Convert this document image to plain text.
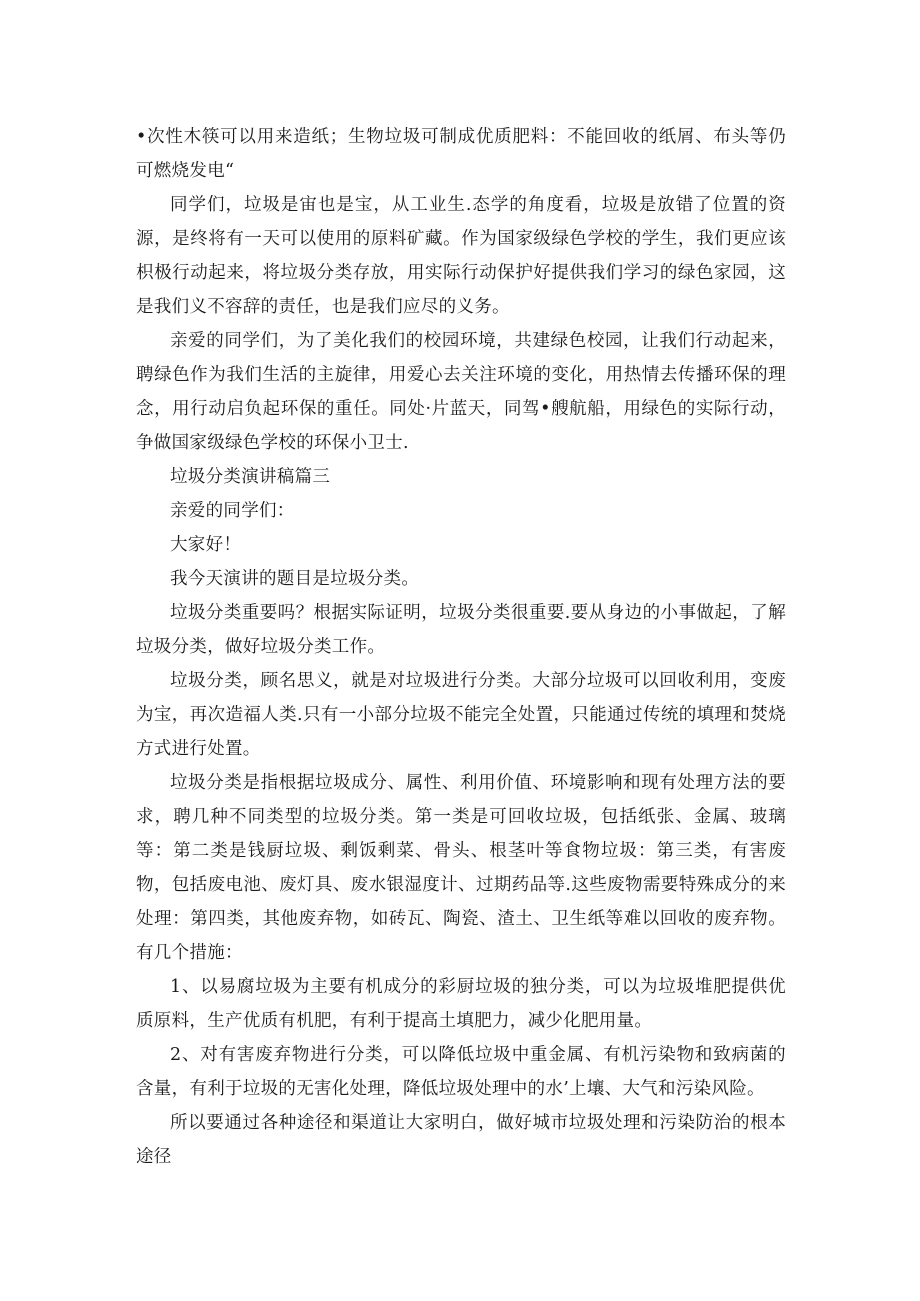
•次性木筷可以用来造纸；生物垃圾可制成优质肥料：不能回收的纸屑、布头等仍可燃烧发电“

同学们，垃圾是宙也是宝，从工业生.态学的角度看，垃圾是放错了位置的资源，是终将有一天可以使用的原料矿藏。作为国家级绿色学校的学生，我们更应该枳极行动起来，将垃圾分类存放，用实际行动保护好提供我们学习的绿色家园，这是我们义不容辞的责任，也是我们应尽的义务。

亲爱的同学们，为了美化我们的校园环境，共建绿色校园，让我们行动起来，聘绿色作为我们生活的主旋律，用爱心去关注环境的变化，用热情去传播环保的理念，用行动启负起环保的重任。同处·片蓝天，同驾•艘航船，用绿色的实际行动，争做国家级绿色学校的环保小卫士.

垃圾分类演讲稿篇三

亲爱的同学们：

大家好！

我今天演讲的题目是垃圾分类。

垃圾分类重要吗？根据实际证明，垃圾分类很重要.要从身边的小事做起，了解垃圾分类，做好垃圾分类工作。

垃圾分类，顾名思义，就是对垃圾进行分类。大部分垃圾可以回收利用，变废为宝，再次造福人类.只有一小部分垃圾不能完全处置，只能通过传统的填理和焚烧方式进行处置。

垃圾分类是指根据垃圾成分、属性、利用价值、环境影响和现有处理方法的要求，聘几种不同类型的垃圾分类。第一类是可回收垃圾，包括纸张、金属、玻璃等：第二类是钱厨垃圾、剩饭剩菜、骨头、根茎叶等食物垃圾：第三类，有害废物，包括废电池、废灯具、废水银湿度计、过期药品等.这些废物需要特殊成分的来处理：第四类，其他废弃物，如砖瓦、陶瓷、渣土、卫生纸等难以回收的废弃物。有几个措施：

1、以易腐垃圾为主要有机成分的彩厨垃圾的独分类，可以为垃圾堆肥提供优质原料，生产优质有机肥，有利于提高土填肥力，减少化肥用量。

2、对有害废弃物进行分类，可以降低垃圾中重金属、有机污染物和致病菌的含量，有利于垃圾的无害化处理，降低垃圾处理中的水’上壤、大气和污染风险。

所以要通过各种途径和渠道让大家明白，做好城市垃圾处理和污染防治的根本途径
